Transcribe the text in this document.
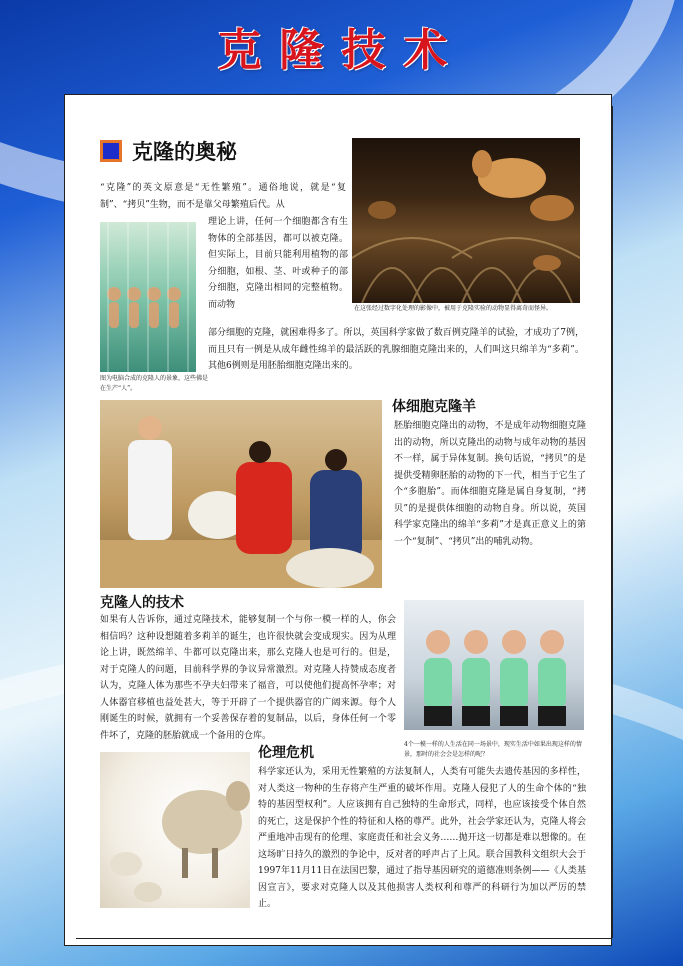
克隆技术
克隆的奥秘
在这张经过数字化处理的影像中，被用于克隆实验的动物显得离奇而怪异。
“克隆”的英文原意是“无性繁殖”。通俗地说，就是“复制”、“拷贝”生物，而不是靠父母繁殖后代。从
图为电脑合成的克隆人的景象，这些佛是在生产“人”。
理论上讲，任何一个细胞都含有生物体的全部基因，都可以被克隆。但实际上，目前只能利用植物的部分细胞，如根、茎、叶或种子的部分细胞，克隆出相同的完整植物。而动物
部分细胞的克隆，就困难得多了。所以，英国科学家做了数百例克隆羊的试验，才成功了7例，而且只有一例是从成年雌性绵羊的最活跃的乳腺细胞克隆出来的，人们叫这只绵羊为“多莉”。其他6例则是用胚胎细胞克隆出来的。
体细胞克隆羊
胚胎细胞克隆出的动物，不是成年动物细胞克隆出的动物，所以克隆出的动物与成年动物的基因不一样，属于异体复制。换句话说，“拷贝”的是提供受精卵胚胎的动物的下一代，相当于它生了个“多胞胎”。而体细胞克隆是属自身复制，“拷贝”的是提供体细胞的动物自身。所以说，英国科学家克隆出的绵羊“多莉”才是真正意义上的第一个“复制”、“拷贝”出的哺乳动物。
克隆人的技术
如果有人告诉你，通过克隆技术，能够复制一个与你一模一样的人，你会相信吗？这种设想随着多莉羊的诞生，也许很快就会变成现实。因为从理论上讲，既然绵羊、牛都可以克隆出来，那么克隆人也是可行的。但是，对于克隆人的问题，目前科学界的争议异常激烈。对克隆人持赞成态度者认为，克隆人体为那些不孕夫妇带来了福音，可以使他们提高怀孕率；对人体器官移植也益处甚大，等于开辟了一个提供器官的广阔来源。每个人刚诞生的时候，就拥有一个妥善保存着的复制品，以后，身体任何一个零件坏了，克隆的胚胎就成一个备用的仓库。
4个一模一样的人生活在同一场景中，现实生活中如果出现这样的情景，那时的社会会是怎样的呢？
伦理危机
科学家还认为，采用无性繁殖的方法复制人，人类有可能失去遗传基因的多样性，对人类这一物种的生存将产生严重的破坏作用。克隆人侵犯了人的生命个体的“独特的基因型权利”。人应该拥有自己独特的生命形式，同样，也应该接受个体自然的死亡，这是保护个性的特征和人格的尊严。此外，社会学家还认为，克隆人将会严重地冲击现有的伦理、家庭责任和社会义务……抛开这一切都是难以想像的。在这场旷日持久的激烈的争论中，反对者的呼声占了上风。联合国教科文组织大会于1997年11月11日在法国巴黎，通过了指导基因研究的道德准则条例——《人类基因宣言》，要求对克隆人以及其他损害人类权利和尊严的科研行为加以严厉的禁止。
